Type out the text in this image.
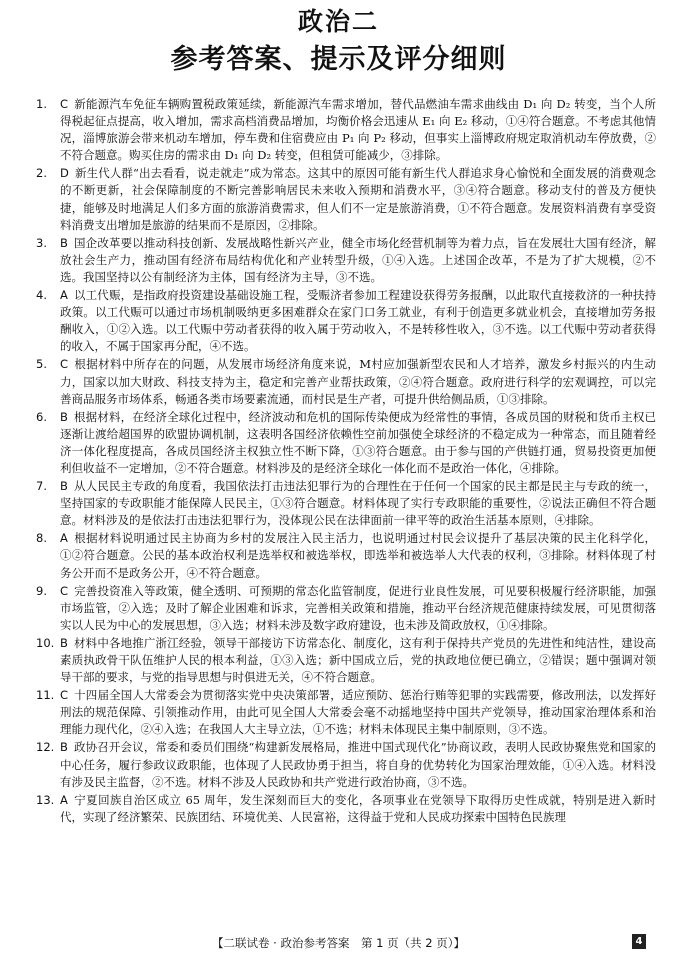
政治二
参考答案、提示及评分细则
1. C 新能源汽车免征车辆购置税政策延续，新能源汽车需求增加，替代品燃油车需求曲线由 D₁ 向 D₂ 转变，当个人所得税起征点提高，收入增加，需求高档消费品增加，均衡价格会迅速从 E₁ 向 E₂ 移动，①④符合题意。不考虑其他情况，淄博旅游会带来机动车增加，停车费和住宿费应由 P₁ 向 P₂ 移动，但事实上淄博政府规定取消机动车停放费，②不符合题意。购买住房的需求由 D₁ 向 D₂ 转变，但租赁可能减少，③排除。
2. D 新生代人群“出去看看，说走就走”成为常态。这其中的原因可能有新生代人群追求身心愉悦和全面发展的消费观念的不断更新，社会保障制度的不断完善影响居民未来收入预期和消费水平，③④符合题意。移动支付的普及方便快捷，能够及时地满足人们多方面的旅游消费需求，但人们不一定是旅游消费，①不符合题意。发展资料消费有享受资料消费支出增加是旅游的结果而不是原因，②排除。
3. B 国企改革要以推动科技创新、发展战略性新兴产业，健全市场化经营机制等为着力点，旨在发展壮大国有经济，解放社会生产力，推动国有经济布局结构优化和产业转型升级，①④入选。上述国企改革，不是为了扩大规模，②不选。我国坚持以公有制经济为主体，国有经济为主导，③不选。
4. A 以工代赈，是指政府投资建设基础设施工程，受赈济者参加工程建设获得劳务报酬，以此取代直接救济的一种扶持政策。以工代赈可以通过市场机制吸纳更多困难群众在家门口务工就业，有利于创造更多就业机会，直接增加劳务报酬收入，①②入选。以工代赈中劳动者获得的收入属于劳动收入，不是转移性收入，③不选。以工代赈中劳动者获得的收入，不属于国家再分配，④不选。
5. C 根据材料中所存在的问题，从发展市场经济角度来说，M村应加强新型农民和人才培养，激发乡村振兴的内生动力，国家以加大财政、科技支持为主，稳定和完善产业帮扶政策，②④符合题意。政府进行科学的宏观调控，可以完善商品服务市场体系，畅通各类市场要素流通，而村民是生产者，可提升供给侧品质，①③排除。
6. B 根据材料，在经济全球化过程中，经济波动和危机的国际传染便成为经常性的事情，各成员国的财税和货币主权已逐渐让渡给超国界的欧盟协调机制，这表明各国经济依赖性空前加强使全球经济的不稳定成为一种常态，而且随着经济一体化程度提高，各成员国经济主权独立性不断下降，①③符合题意。由于参与国的产供链打通，贸易投资更加便利但收益不一定增加，②不符合题意。材料涉及的是经济全球化一体化而不是政治一体化，④排除。
7. B 从人民民主专政的角度看，我国依法打击违法犯罪行为的合理性在于任何一个国家的民主都是民主与专政的统一，坚持国家的专政职能才能保障人民民主，①③符合题意。材料体现了实行专政职能的重要性，②说法正确但不符合题意。材料涉及的是依法打击违法犯罪行为，没体现公民在法律面前一律平等的政治生活基本原则，④排除。
8. A 根据材料说明通过民主协商为乡村的发展注入民主活力，也说明通过村民会议提升了基层决策的民主化科学化，①②符合题意。公民的基本政治权利是选举权和被选举权，即选举和被选举人大代表的权利，③排除。材料体现了村务公开而不是政务公开，④不符合题意。
9. C 完善投资准入等政策，健全透明、可预期的常态化监管制度，促进行业良性发展，可见要积极履行经济职能，加强市场监管，②入选；及时了解企业困难和诉求，完善相关政策和措施，推动平台经济规范健康持续发展，可见贯彻落实以人民为中心的发展思想，③入选；材料未涉及数字政府建设，也未涉及简政放权，①④排除。
10. B 材料中各地推广浙江经验，领导干部接访下访常态化、制度化，这有利于保持共产党员的先进性和纯洁性，建设高素质执政骨干队伍维护人民的根本利益，①③入选；新中国成立后，党的执政地位便已确立，②错误；题中强调对领导干部的要求，与党的指导思想与时俱进无关，④不符合题意。
11. C 十四届全国人大常委会为贯彻落实党中央决策部署，适应预防、惩治行贿等犯罪的实践需要，修改刑法，以发挥好刑法的规范保障、引领推动作用，由此可见全国人大常委会毫不动摇地坚持中国共产党领导，推动国家治理体系和治理能力现代化，②④入选；在我国人大主导立法，①不选；材料未体现民主集中制原则，③不选。
12. B 政协召开会议，常委和委员们围绕“构建新发展格局，推进中国式现代化”协商议政，表明人民政协聚焦党和国家的中心任务，履行参政议政职能，也体现了人民政协勇于担当，将自身的优势转化为国家治理效能，①④入选。材料没有涉及民主监督，②不选。材料不涉及人民政协和共产党进行政治协商，③不选。
13. A 宁夏回族自治区成立 65 周年，发生深刻而巨大的变化，各项事业在党领导下取得历史性成就，特别是进入新时代，实现了经济繁荣、民族团结、环境优美、人民富裕，这得益于党和人民成功探索中国特色民族理
【二联试卷 · 政治参考答案　第 1 页（共 2 页）】	4
